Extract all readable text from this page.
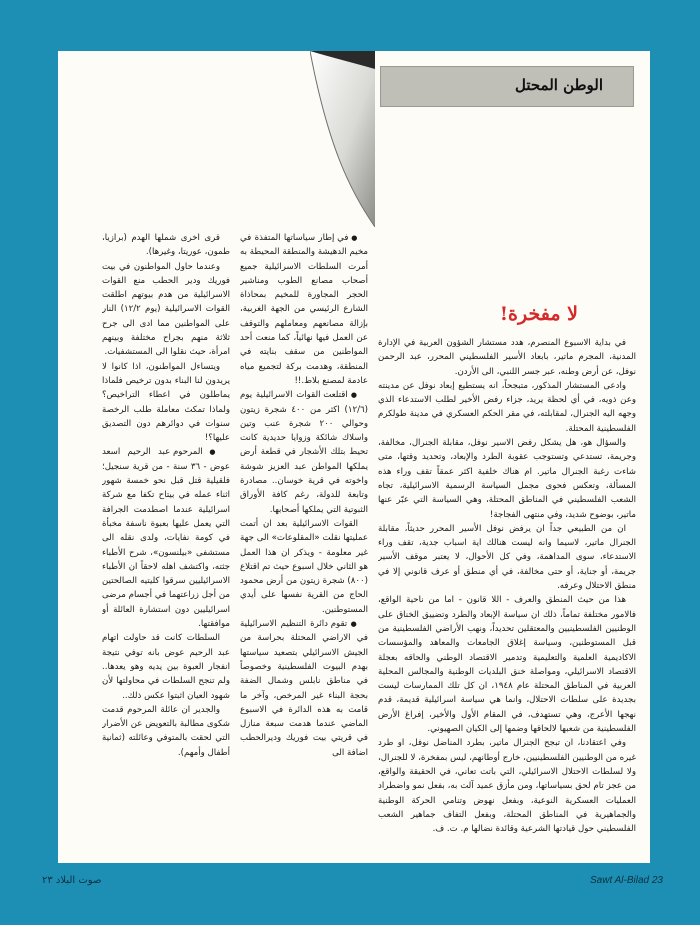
الوطن المحتل
لا مفخرة!

في بداية الاسبوع المنصرم، هدد مستشار الشؤون العربية في الإدارة المدنية، المجرم ماتير، بابعاد الأسير الفلسطيني المحرر، عبد الرحمن نوفل، عن أرض وطنه، عبر جسر اللنبي، الى الأردن.

وادعى المستشار المذكور، متبجحاً، انه يستطيع إبعاد نوفل عن مدينته وعن ذويه، في أي لحظة يريد، جزاء رفض الأخير لطلب الاستدعاء الذي وجهه اليه الجنرال، لمقابلته، في مقر الحكم العسكري في مدينة طولكرم الفلسطينية المحتلة.

والسؤال هو، هل يشكل رفض الاسير نوفل، مقابلة الجنرال، مخالفة، وجريمة، تستدعي وتستوجب عقوبة الطرد والإبعاد، وتحديد وقتها، متى شاءت رغبة الجنرال ماتير. ام هناك خلفية اكثر عمقاً تقف وراء هذه المسألة، وتعكس فحوى مجمل السياسة الرسمية الاسرائيلية، تجاه الشعب الفلسطيني في المناطق المحتلة، وهي السياسة التي عبّر عنها ماتير، بوضوح شديد، وفي منتهى الفجاجة!

ان من الطبيعي جداً ان يرفض نوفل الأسير المحرر حديثاً، مقابلة الجنرال ماتير، لاسيما وانه ليست هنالك اية اسباب جدية، تقف وراء الاستدعاء، سوى المداهمة، وفي كل الأحوال، لا يعتبر موقف الأسير جريمة، أو جناية، أو حتى مخالفة، في أي منطق أو عرف قانوني إلا في منطق الاحتلال وعرفه.

هذا من حيث المنطق والعرف - اللا قانون - اما من ناحية الواقع، فالامور مختلفة تماماً، ذلك ان سياسة الإبعاد والطرد وتضييق الخناق على الوطنيين الفلسطينيين والمعتقلين تحديداً، ونهب الأراضي الفلسطينية من قبل المستوطنين، وسياسة إغلاق الجامعات والمعاهد والمؤسسات الاكاديمية العلمية والتعليمية وتدمير الاقتصاد الوطني والحاقه بعجلة الاقتصاد الاسرائيلي، ومواصلة خنق البلديات الوطنية والمجالس المحلية العربية في المناطق المحتلة عام ١٩٤٨، ان كل تلك الممارسات ليست بجديدة على سلطات الاحتلال، وانما هي سياسة اسرائيلية قديمة، قدم نهجها الأعرج، وهي تستهدف، في المقام الأول والأخير، إفراغ الأرض الفلسطينية من شعبها لالحاقها وضمها إلى الكيان الصهيوني.

وفي اعتقادنا، ان تبجح الجنرال ماتير، بطرد المناضل نوفل، او طرد غيره من الوطنيين الفلسطينيين، خارج أوطانهم، ليس بمفخرة، لا للجنرال، ولا لسلطات الاحتلال الاسرائيلي، التي باتت تعاني، في الحقيقة والواقع، من عجز تام لحق بسياساتها، ومن مأزق عميد آلت به، بفعل نمو واضطراد العمليات العسكرية النوعية، وبفعل نهوض وتنامي الحركة الوطنية والجماهيرية في المناطق المحتلة، وبفعل التفاف جماهير الشعب الفلسطيني حول قيادتها الشرعية وقائدة نضالها م. ت. ف.

● في إطار سياساتها المتفذة في مخيم الدهيشة والمنطقة المحيطة به أمرت السلطات الاسرائيلية جميع أصحاب مصانع الطوب ومناشير الحجر المجاورة للمخيم بمحاذاة الشارع الرئيسي من الجهة الغربية، بإزالة مصانعهم ومعاملهم والتوقف عن العمل فيها نهائياً، كما منعت أحد المواطنين من سقف بنايته في المنطقة، وهدمت بركة لتجميع مياه عادمة لمصنع بلاط.!!

● اقتلعت القوات الاسرائيلية يوم (١٢/٦) اكثر من ٤٠٠ شجرة زيتون وحوالي ٢٠٠ شجرة عنب وتين واسلاك شائكة وزوايا حديدية كانت تحيط بتلك الأشجار في قطعة أرض يملكها المواطن عبد العزيز شوشة واخوته في قرية خوسان.. مصادرة وتابعة للدولة، رغم كافة الأوراق الثبوتية التي يملكها أصحابها.

القوات الاسرائيلية بعد ان أتمت عمليتها نقلت «المقلوعات» الى جهة غير معلومة - ويذكر ان هذا العمل هو الثاني خلال اسبوع حيث تم اقتلاع (٨٠٠) شجرة زيتون من أرض محمود الحاج من القرية نفسها على أيدي المستوطنين.

● تقوم دائرة التنظيم الاسرائيلية في الاراضي المحتلة بحراسة من الجيش الاسرائيلي بتصعيد سياستها بهدم البيوت الفلسطينية وخصوصاً في مناطق نابلس وشمال الضفة بحجة البناء غير المرخص، وآخر ما قامت به هذه الدائرة في الاسبوع الماضي عندما هدمت سبعة منازل في قريتي بيت فوريك وديرالحطب اضافة الى

قرى اخرى شملها الهدم (برازيا، طمون، عوريتا، وغيرها).

وعندما حاول المواطنون في بيت فوريك ودير الحطب منع القوات الاسرائيلية من هدم بيوتهم اطلقت القوات الاسرائيلية (يوم ١٢/٢) النار على المواطنين مما ادى الى جرح ثلاثة منهم بجراح مختلفة وبينهم امرأة، حيث نقلوا الى المستشفيات.

ويتساءل المواطنون، اذا كانوا لا يريدون لنا البناء بدون ترخيص فلماذا يماطلون في اعطاء التراخيص؟ ولماذا تمكث معاملة طلب الرخصة سنوات في دوائرهم دون التصديق عليها؟!

● المرحوم عبد الرحيم اسعد عوض - ٣٦ سنة - من قرية سنجيل؛ فلقيلية قتل قبل نحو خمسة شهور اثناء عمله في بيتاح تكفا مع شركة اسرائيلية عندما اصطدمت الجرافة التي يعمل عليها بعبوة ناسفة مخبأة في كومة نفايات، ولدى نقله الى مستشفى «بيلنسون»، شرح الأطباء جثته، واكتشف اهله لاحقاً ان الأطباء الاسرائيليين سرقوا كليتيه الصالحتين من أجل زراعتهما في أجسام مرضى اسرائيليين دون استشارة العائلة أو موافقتها.

السلطات كانت قد حاولت اتهام عبد الرحيم عوض بانه توفي نتيجة انفجار العبوة بين يديه وهو يعدها.. ولم تنجح السلطات في محاولتها لأن شهود العيان اثبتوا عكس ذلك..

والجدير ان عائلة المرحوم قدمت شكوى مطالبة بالتعويض عن الأضرار التي لحقت بالمتوفي وعائلته (ثمانية أطفال وأمهم).

صوت البلاد ٢٣	Sawt Al-Bilad 23
